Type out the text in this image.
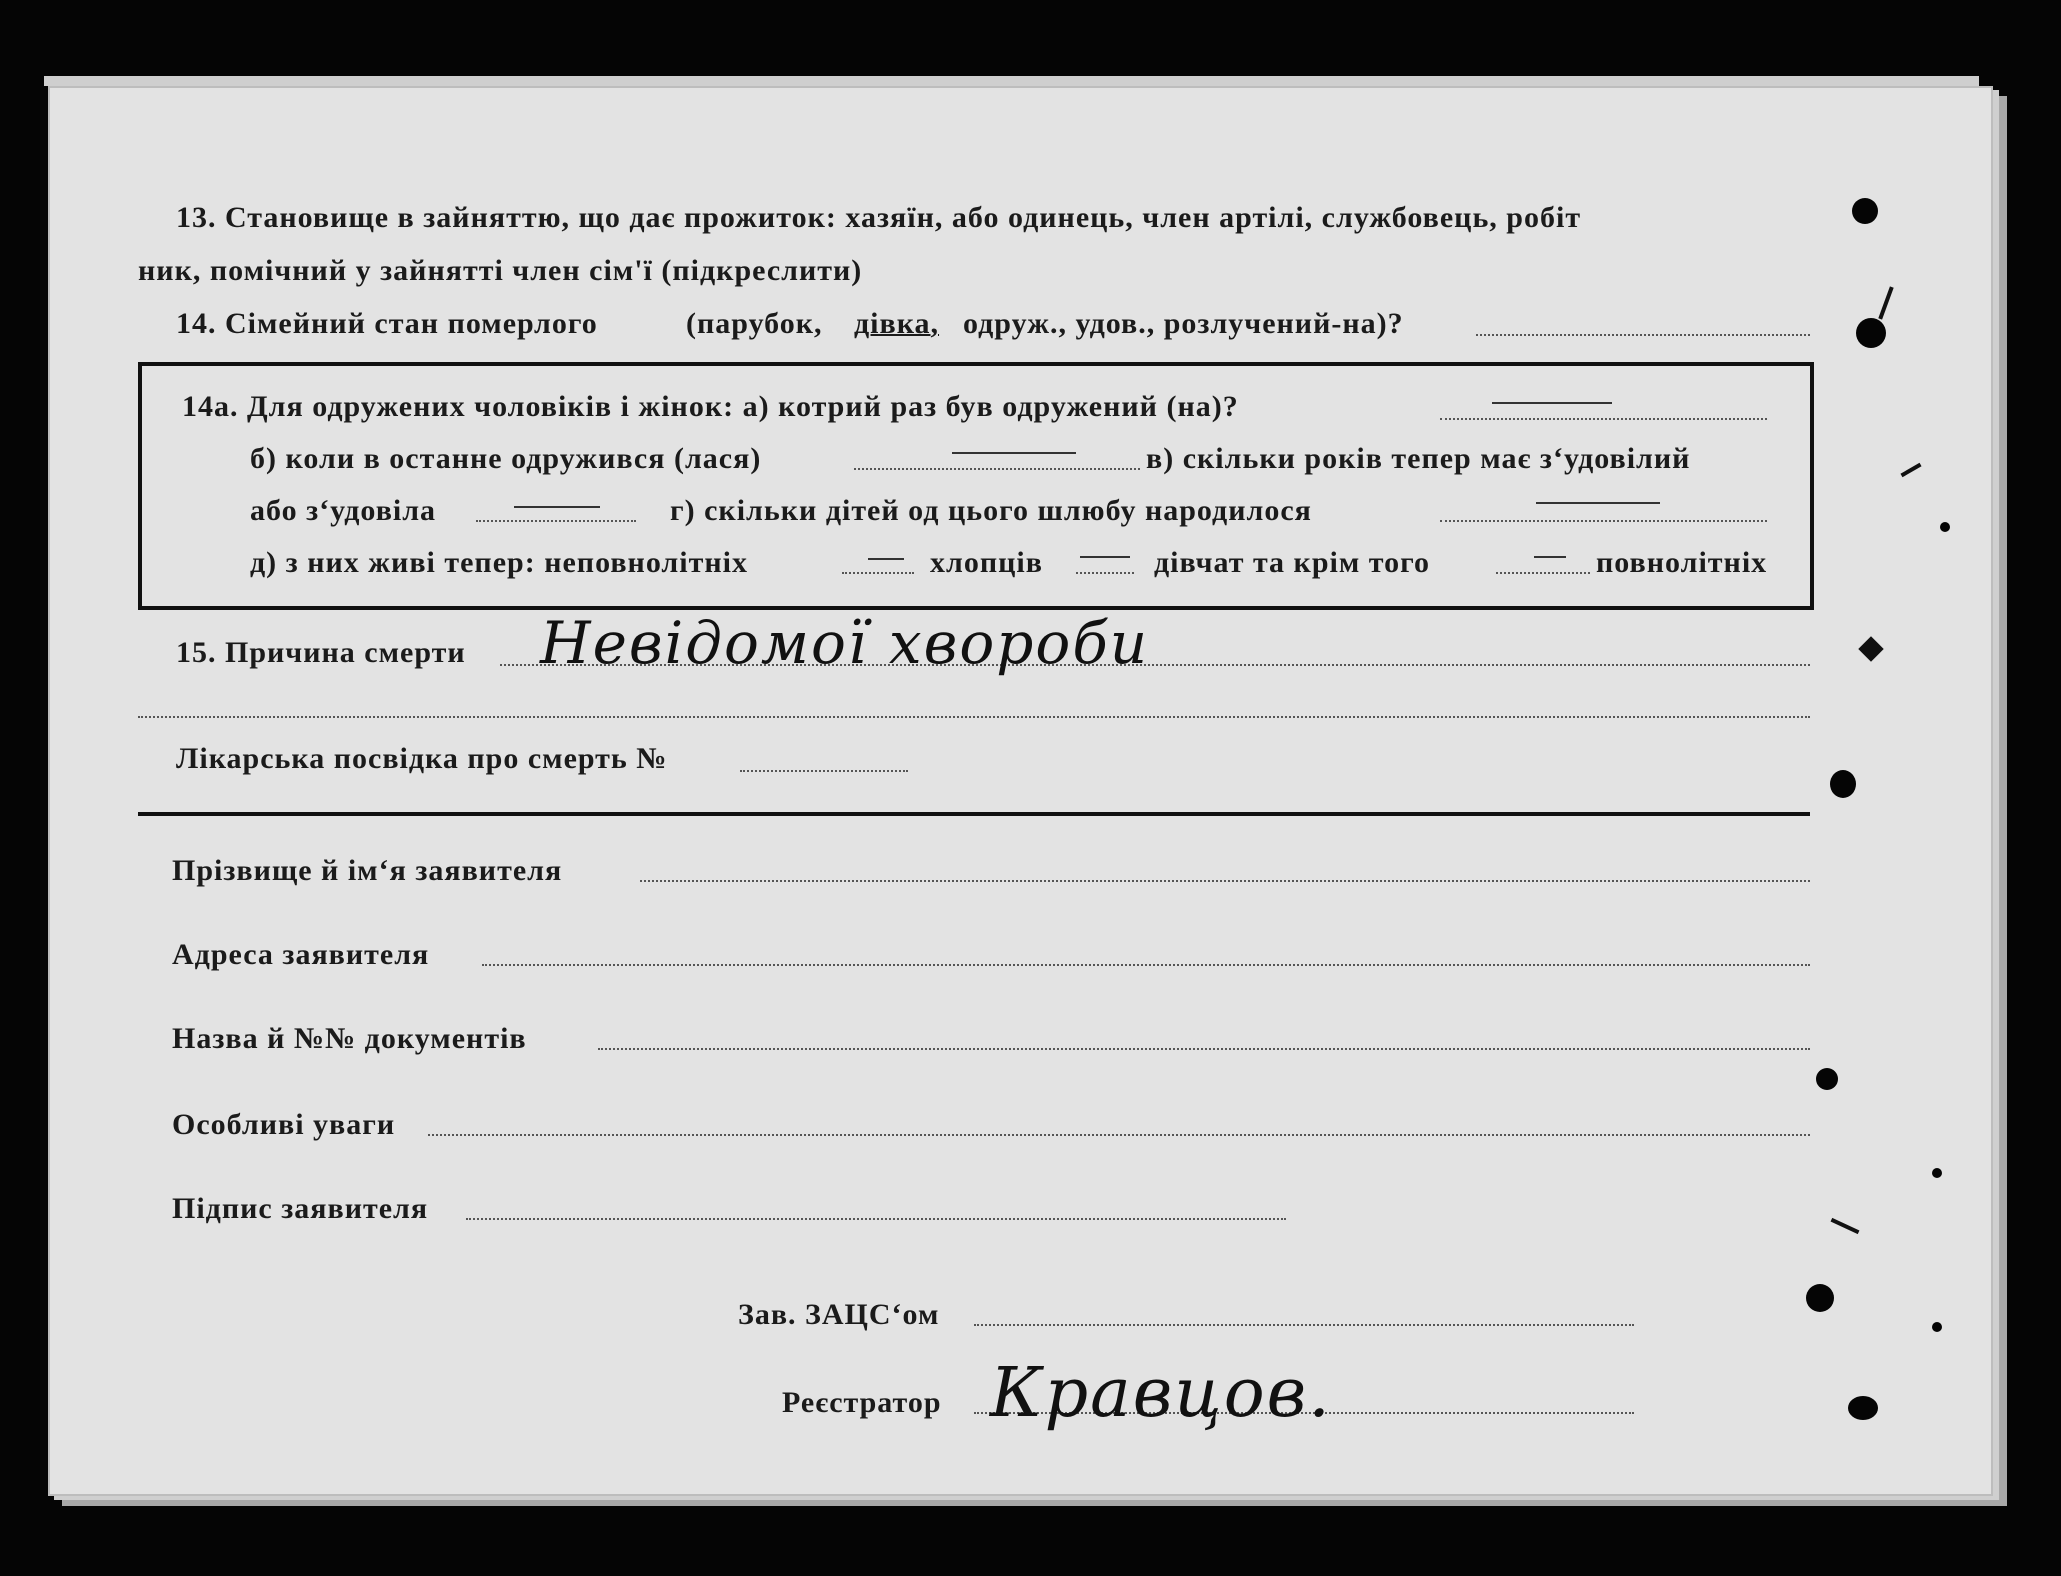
13. Становище в зайняттю, що дає прожиток: хазяїн, або одинець, член артілі, службовець, робіт
ник, помічний у зайнятті член сім'ї (підкреслити)
14. Сімейний стан померлого	(парубок, дівка, одруж., удов., розлучений-на)?
14а. Для одружених чоловіків і жінок: а) котрий раз був одружений (на)?
б) коли в останне одружився (лася)	в) скільки років тепер має з‘удовілий
або з‘удовіла	г) скільки дітей од цього шлюбу народилося
д) з них живі тепер: неповнолітніх	хлопців	дівчат та крім того	повнолітніх
15. Причина смерти Невідомої хвороби
Лікарська посвідка про смерть №
Прізвище й ім‘я заявителя
Адреса заявителя
Назва й №№ документів
Особливі уваги
Підпис заявителя
Зав. ЗАЦС‘ом
Реєстратор Кравцов.
